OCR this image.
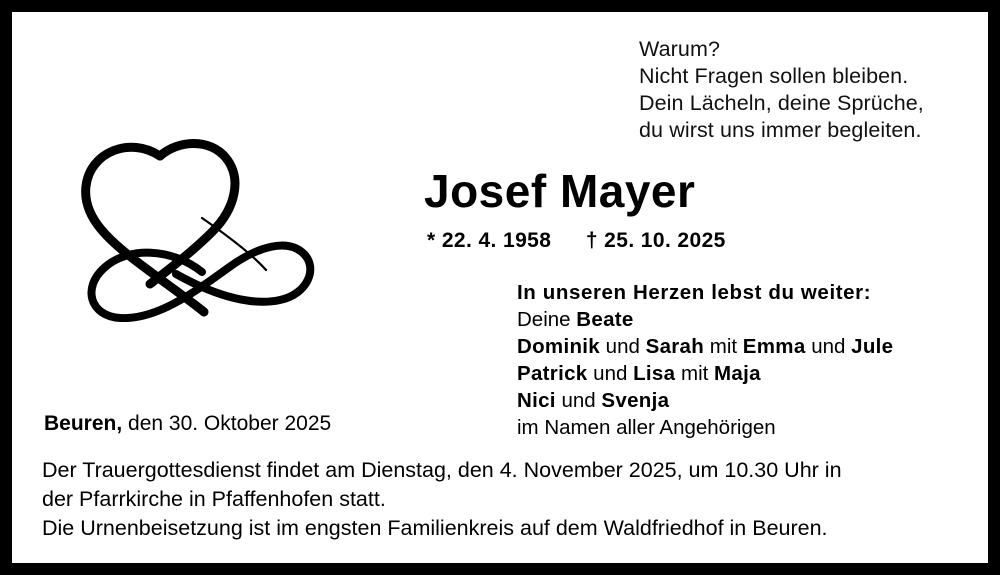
Warum?
Nicht Fragen sollen bleiben.
Dein Lächeln, deine Sprüche,
du wirst uns immer begleiten.
Josef Mayer
* 22. 4. 1958 † 25. 10. 2025
In unseren Herzen lebst du weiter:
Deine Beate
Dominik und Sarah mit Emma und Jule
Patrick und Lisa mit Maja
Nici und Svenja
im Namen aller Angehörigen
Beuren, den 30. Oktober 2025
Der Trauergottesdienst findet am Dienstag, den 4. November 2025, um 10.30 Uhr in
der Pfarrkirche in Pfaffenhofen statt.
Die Urnenbeisetzung ist im engsten Familienkreis auf dem Waldfriedhof in Beuren.
